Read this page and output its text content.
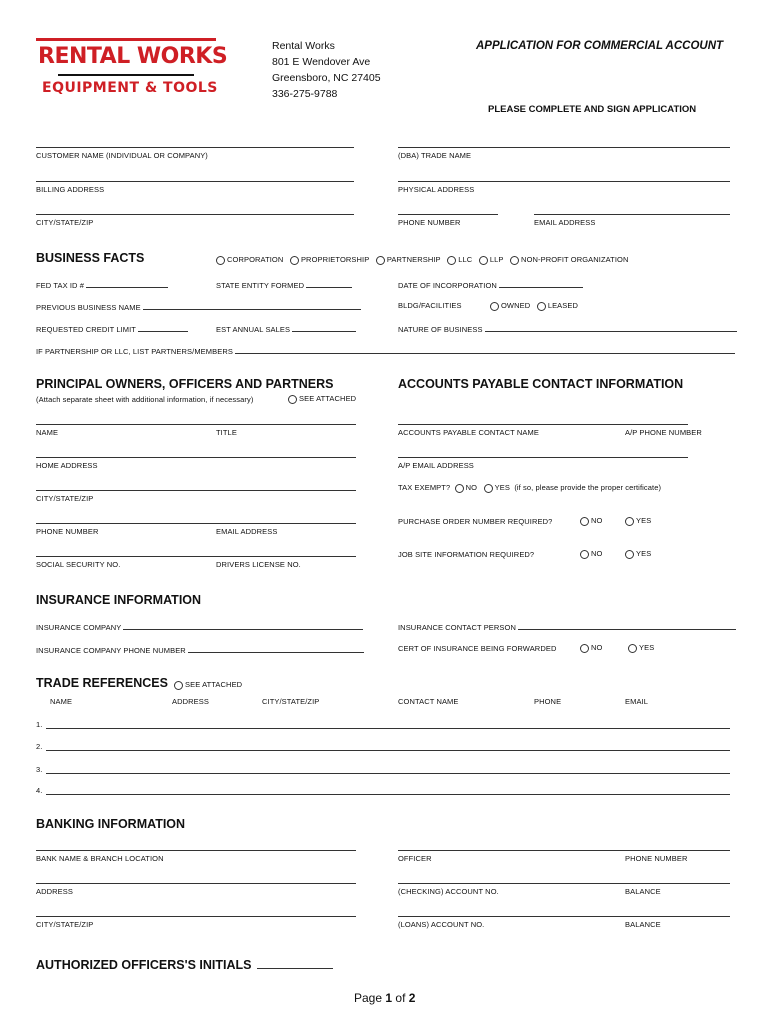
RENTAL WORKS
EQUIPMENT & TOOLS
Rental Works
801 E Wendover Ave
Greensboro, NC 27405
336-275-9788
APPLICATION FOR COMMERCIAL ACCOUNT
PLEASE COMPLETE AND SIGN APPLICATION
CUSTOMER NAME (INDIVIDUAL OR COMPANY)	(DBA) TRADE NAME
BILLING ADDRESS	PHYSICAL ADDRESS
CITY/STATE/ZIP	PHONE NUMBER	EMAIL ADDRESS
BUSINESS FACTS	CORPORATION PROPRIETORSHIP PARTNERSHIP LLC LLP NON-PROFIT ORGANIZATION
FED TAX ID #	STATE ENTITY FORMED	DATE OF INCORPORATION
PREVIOUS BUSINESS NAME	BLDG/FACILITIES	OWNED LEASED
REQUESTED CREDIT LIMIT	EST ANNUAL SALES	NATURE OF BUSINESS
IF PARTNERSHIP OR LLC, LIST PARTNERS/MEMBERS
PRINCIPAL OWNERS, OFFICERS AND PARTNERS
(Attach separate sheet with additional information, if necessary)	SEE ATTACHED
NAME	TITLE
HOME ADDRESS
CITY/STATE/ZIP
PHONE NUMBER	EMAIL ADDRESS
SOCIAL SECURITY NO.	DRIVERS LICENSE NO.
ACCOUNTS PAYABLE CONTACT INFORMATION
ACCOUNTS PAYABLE CONTACT NAME	A/P PHONE NUMBER
A/P EMAIL ADDRESS
TAX EXEMPT? NO YES (if so, please provide the proper certificate)
PURCHASE ORDER NUMBER REQUIRED?	NO	YES
JOB SITE INFORMATION REQUIRED?	NO	YES
INSURANCE INFORMATION
INSURANCE COMPANY	INSURANCE CONTACT PERSON
INSURANCE COMPANY PHONE NUMBER	CERT OF INSURANCE BEING FORWARDED	NO	YES
TRADE REFERENCES	SEE ATTACHED
NAME	ADDRESS	CITY/STATE/ZIP	CONTACT NAME	PHONE	EMAIL
1.
2.
3.
4.
BANKING INFORMATION
BANK NAME & BRANCH LOCATION	OFFICER	PHONE NUMBER
ADDRESS	(CHECKING) ACCOUNT NO.	BALANCE
CITY/STATE/ZIP	(LOANS) ACCOUNT NO.	BALANCE
AUTHORIZED OFFICERS'S INITIALS
Page 1 of 2
